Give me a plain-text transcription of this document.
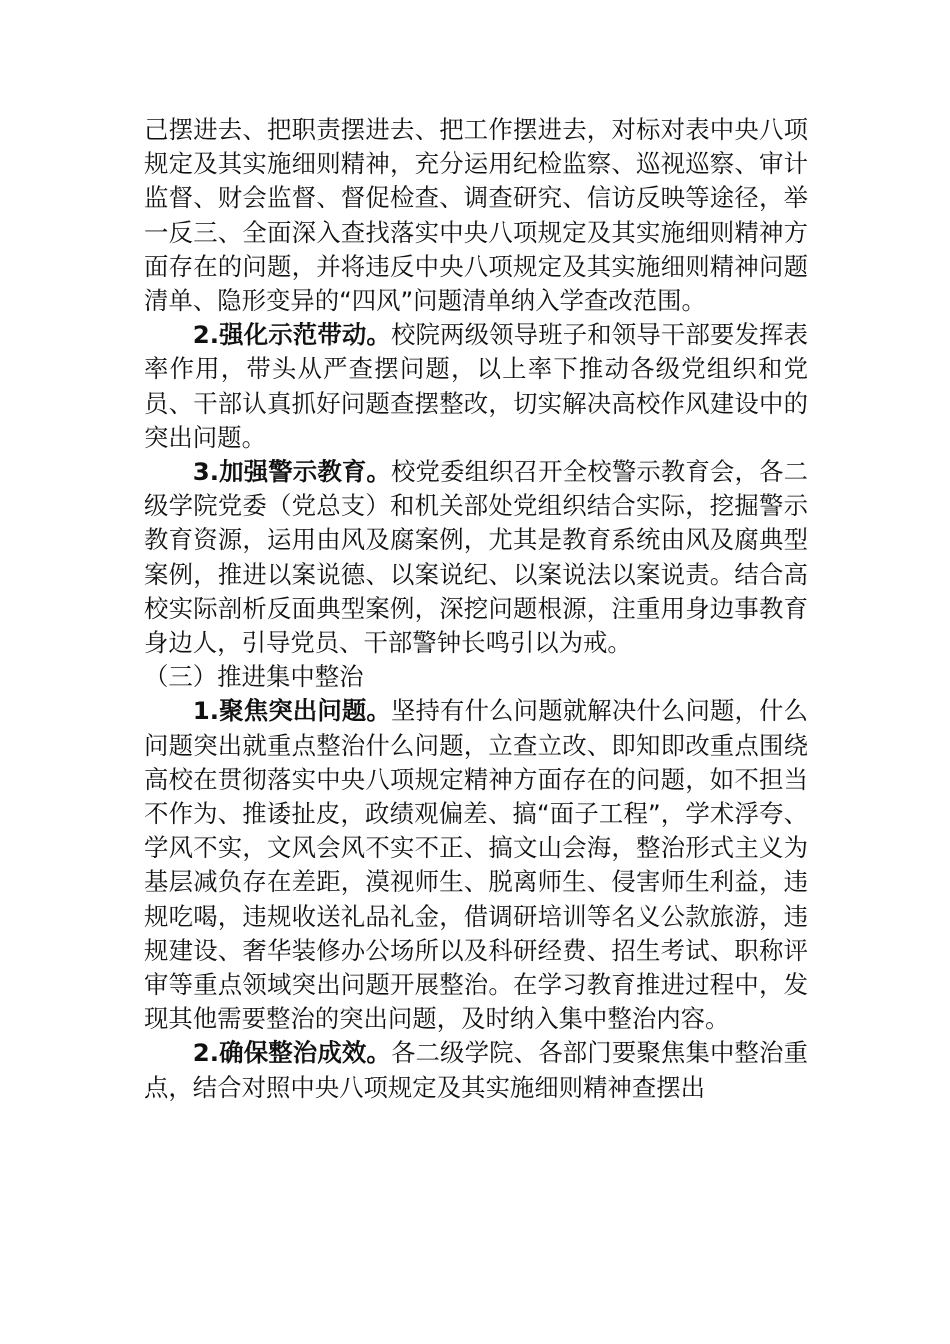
己摆进去、把职责摆进去、把工作摆进去，对标对表中央八项规定及其实施细则精神，充分运用纪检监察、巡视巡察、审计监督、财会监督、督促检查、调查研究、信访反映等途径，举一反三、全面深入查找落实中央八项规定及其实施细则精神方面存在的问题，并将违反中央八项规定及其实施细则精神问题清单、隐形变异的“四风”问题清单纳入学查改范围。

2.强化示范带动。校院两级领导班子和领导干部要发挥表率作用，带头从严查摆问题，以上率下推动各级党组织和党员、干部认真抓好问题查摆整改，切实解决高校作风建设中的突出问题。

3.加强警示教育。校党委组织召开全校警示教育会，各二级学院党委（党总支）和机关部处党组织结合实际，挖掘警示教育资源，运用由风及腐案例，尤其是教育系统由风及腐典型案例，推进以案说德、以案说纪、以案说法以案说责。结合高校实际剖析反面典型案例，深挖问题根源，注重用身边事教育身边人，引导党员、干部警钟长鸣引以为戒。

（三）推进集中整治

1.聚焦突出问题。坚持有什么问题就解决什么问题，什么问题突出就重点整治什么问题，立查立改、即知即改重点围绕高校在贯彻落实中央八项规定精神方面存在的问题，如不担当不作为、推诿扯皮，政绩观偏差、搞“面子工程”，学术浮夸、学风不实，文风会风不实不正、搞文山会海，整治形式主义为基层减负存在差距，漠视师生、脱离师生、侵害师生利益，违规吃喝，违规收送礼品礼金，借调研培训等名义公款旅游，违规建设、奢华装修办公场所以及科研经费、招生考试、职称评审等重点领域突出问题开展整治。在学习教育推进过程中，发现其他需要整治的突出问题，及时纳入集中整治内容。

2.确保整治成效。各二级学院、各部门要聚焦集中整治重点，结合对照中央八项规定及其实施细则精神查摆出
